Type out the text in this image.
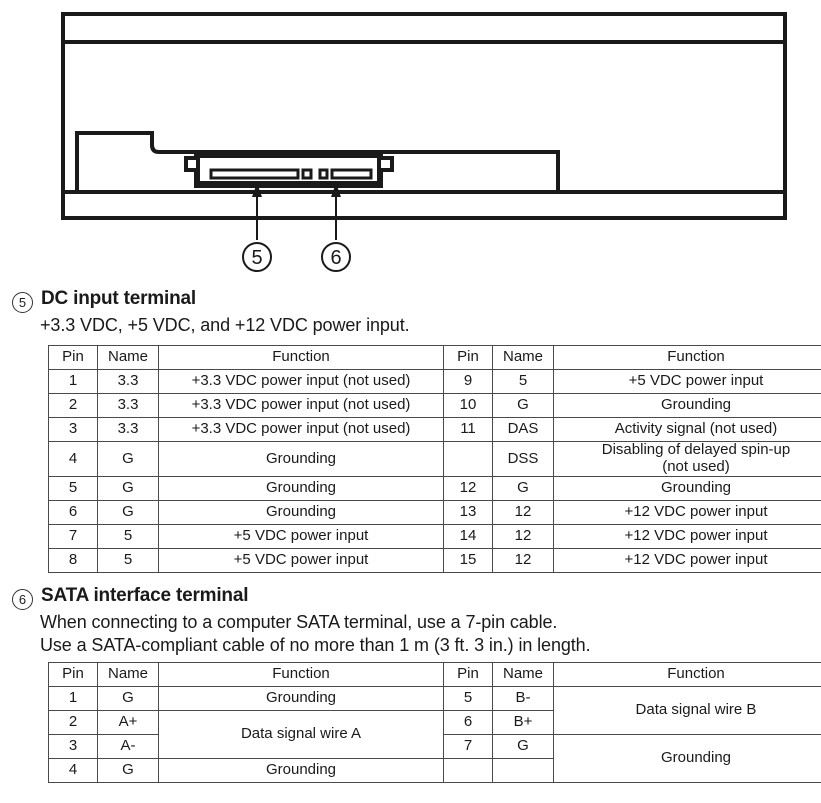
5	6
5 DC input terminal
+3.3 VDC, +5 VDC, and +12 VDC power input.
Pin	Name	Function	Pin	Name	Function
1	3.3	+3.3 VDC power input (not used)	9	5	+5 VDC power input
2	3.3	+3.3 VDC power input (not used)	10	G	Grounding
3	3.3	+3.3 VDC power input (not used)	11	DAS	Activity signal (not used)
4	G	Grounding		DSS	Disabling of delayed spin-up
(not used)
5	G	Grounding	12	G	Grounding
6	G	Grounding	13	12	+12 VDC power input
7	5	+5 VDC power input	14	12	+12 VDC power input
8	5	+5 VDC power input	15	12	+12 VDC power input
6 SATA interface terminal
When connecting to a computer SATA terminal, use a 7-pin cable.
Use a SATA-compliant cable of no more than 1 m (3 ft. 3 in.) in length.
Pin	Name	Function	Pin	Name	Function
1	G	Grounding	5	B-	Data signal wire B
2	A+	Data signal wire A	6	B+	
3	A-		7	G	Grounding
4	G	Grounding			
